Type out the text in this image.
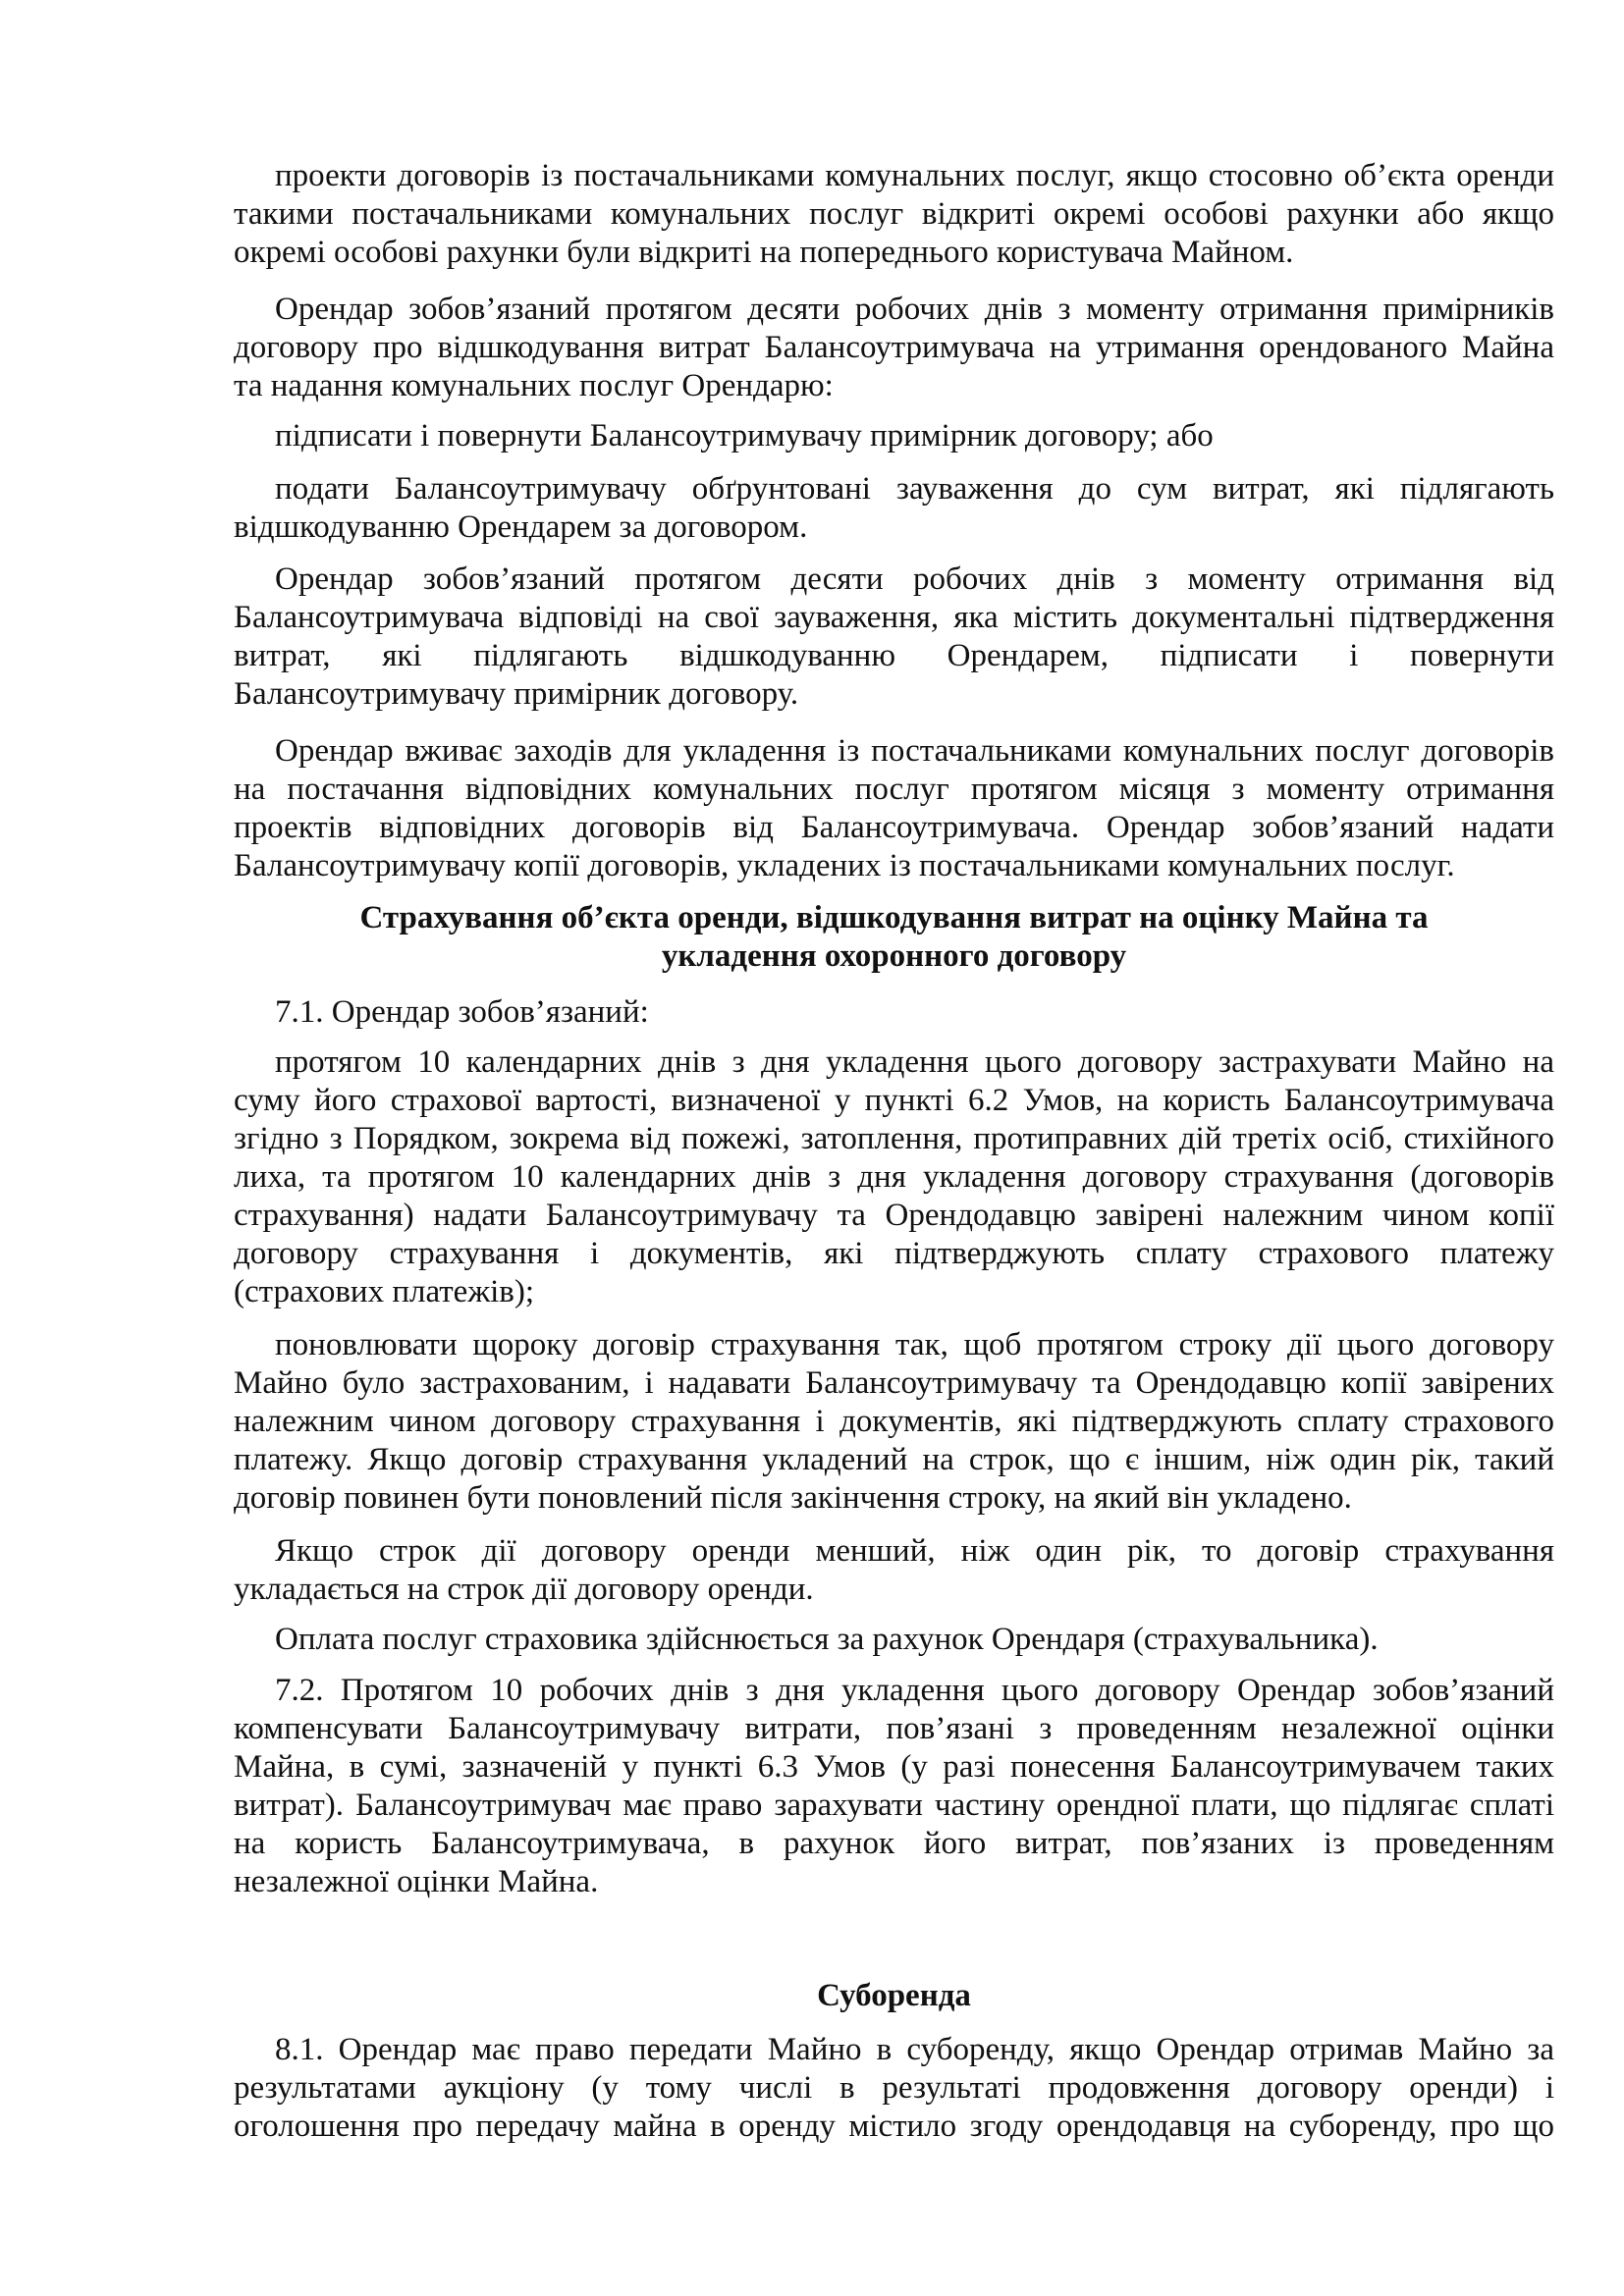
проекти договорів із постачальниками комунальних послуг, якщо стосовно об’єкта оренди
такими постачальниками комунальних послуг відкриті окремі особові рахунки або якщо
окремі особові рахунки були відкриті на попереднього користувача Майном.
Орендар зобов’язаний протягом десяти робочих днів з моменту отримання примірників
договору про відшкодування витрат Балансоутримувача на утримання орендованого Майна
та надання комунальних послуг Орендарю:
підписати і повернути Балансоутримувачу примірник договору; або
подати Балансоутримувачу обґрунтовані зауваження до сум витрат, які підлягають
відшкодуванню Орендарем за договором.
Орендар зобов’язаний протягом десяти робочих днів з моменту отримання від
Балансоутримувача відповіді на свої зауваження, яка містить документальні підтвердження
витрат, які підлягають відшкодуванню Орендарем, підписати і повернути
Балансоутримувачу примірник договору.
Орендар вживає заходів для укладення із постачальниками комунальних послуг договорів
на постачання відповідних комунальних послуг протягом місяця з моменту отримання
проектів відповідних договорів від Балансоутримувача. Орендар зобов’язаний надати
Балансоутримувачу копії договорів, укладених із постачальниками комунальних послуг.
Страхування об’єкта оренди, відшкодування витрат на оцінку Майна та
укладення охоронного договору
7.1. Орендар зобов’язаний:
протягом 10 календарних днів з дня укладення цього договору застрахувати Майно на
суму його страхової вартості, визначеної у пункті 6.2 Умов, на користь Балансоутримувача
згідно з Порядком, зокрема від пожежі, затоплення, протиправних дій третіх осіб, стихійного
лиха, та протягом 10 календарних днів з дня укладення договору страхування (договорів
страхування) надати Балансоутримувачу та Орендодавцю завірені належним чином копії
договору страхування і документів, які підтверджують сплату страхового платежу
(страхових платежів);
поновлювати щороку договір страхування так, щоб протягом строку дії цього договору
Майно було застрахованим, і надавати Балансоутримувачу та Орендодавцю копії завірених
належним чином договору страхування і документів, які підтверджують сплату страхового
платежу. Якщо договір страхування укладений на строк, що є іншим, ніж один рік, такий
договір повинен бути поновлений після закінчення строку, на який він укладено.
Якщо строк дії договору оренди менший, ніж один рік, то договір страхування
укладається на строк дії договору оренди.
Оплата послуг страховика здійснюється за рахунок Орендаря (страхувальника).
7.2. Протягом 10 робочих днів з дня укладення цього договору Орендар зобов’язаний
компенсувати Балансоутримувачу витрати, пов’язані з проведенням незалежної оцінки
Майна, в сумі, зазначеній у пункті 6.3 Умов (у разі понесення Балансоутримувачем таких
витрат). Балансоутримувач має право зарахувати частину орендної плати, що підлягає сплаті
на користь Балансоутримувача, в рахунок його витрат, пов’язаних із проведенням
незалежної оцінки Майна.
Суборенда
8.1. Орендар має право передати Майно в суборенду, якщо Орендар отримав Майно за
результатами аукціону (у тому числі в результаті продовження договору оренди) і
оголошення про передачу майна в оренду містило згоду орендодавця на суборенду, про що
